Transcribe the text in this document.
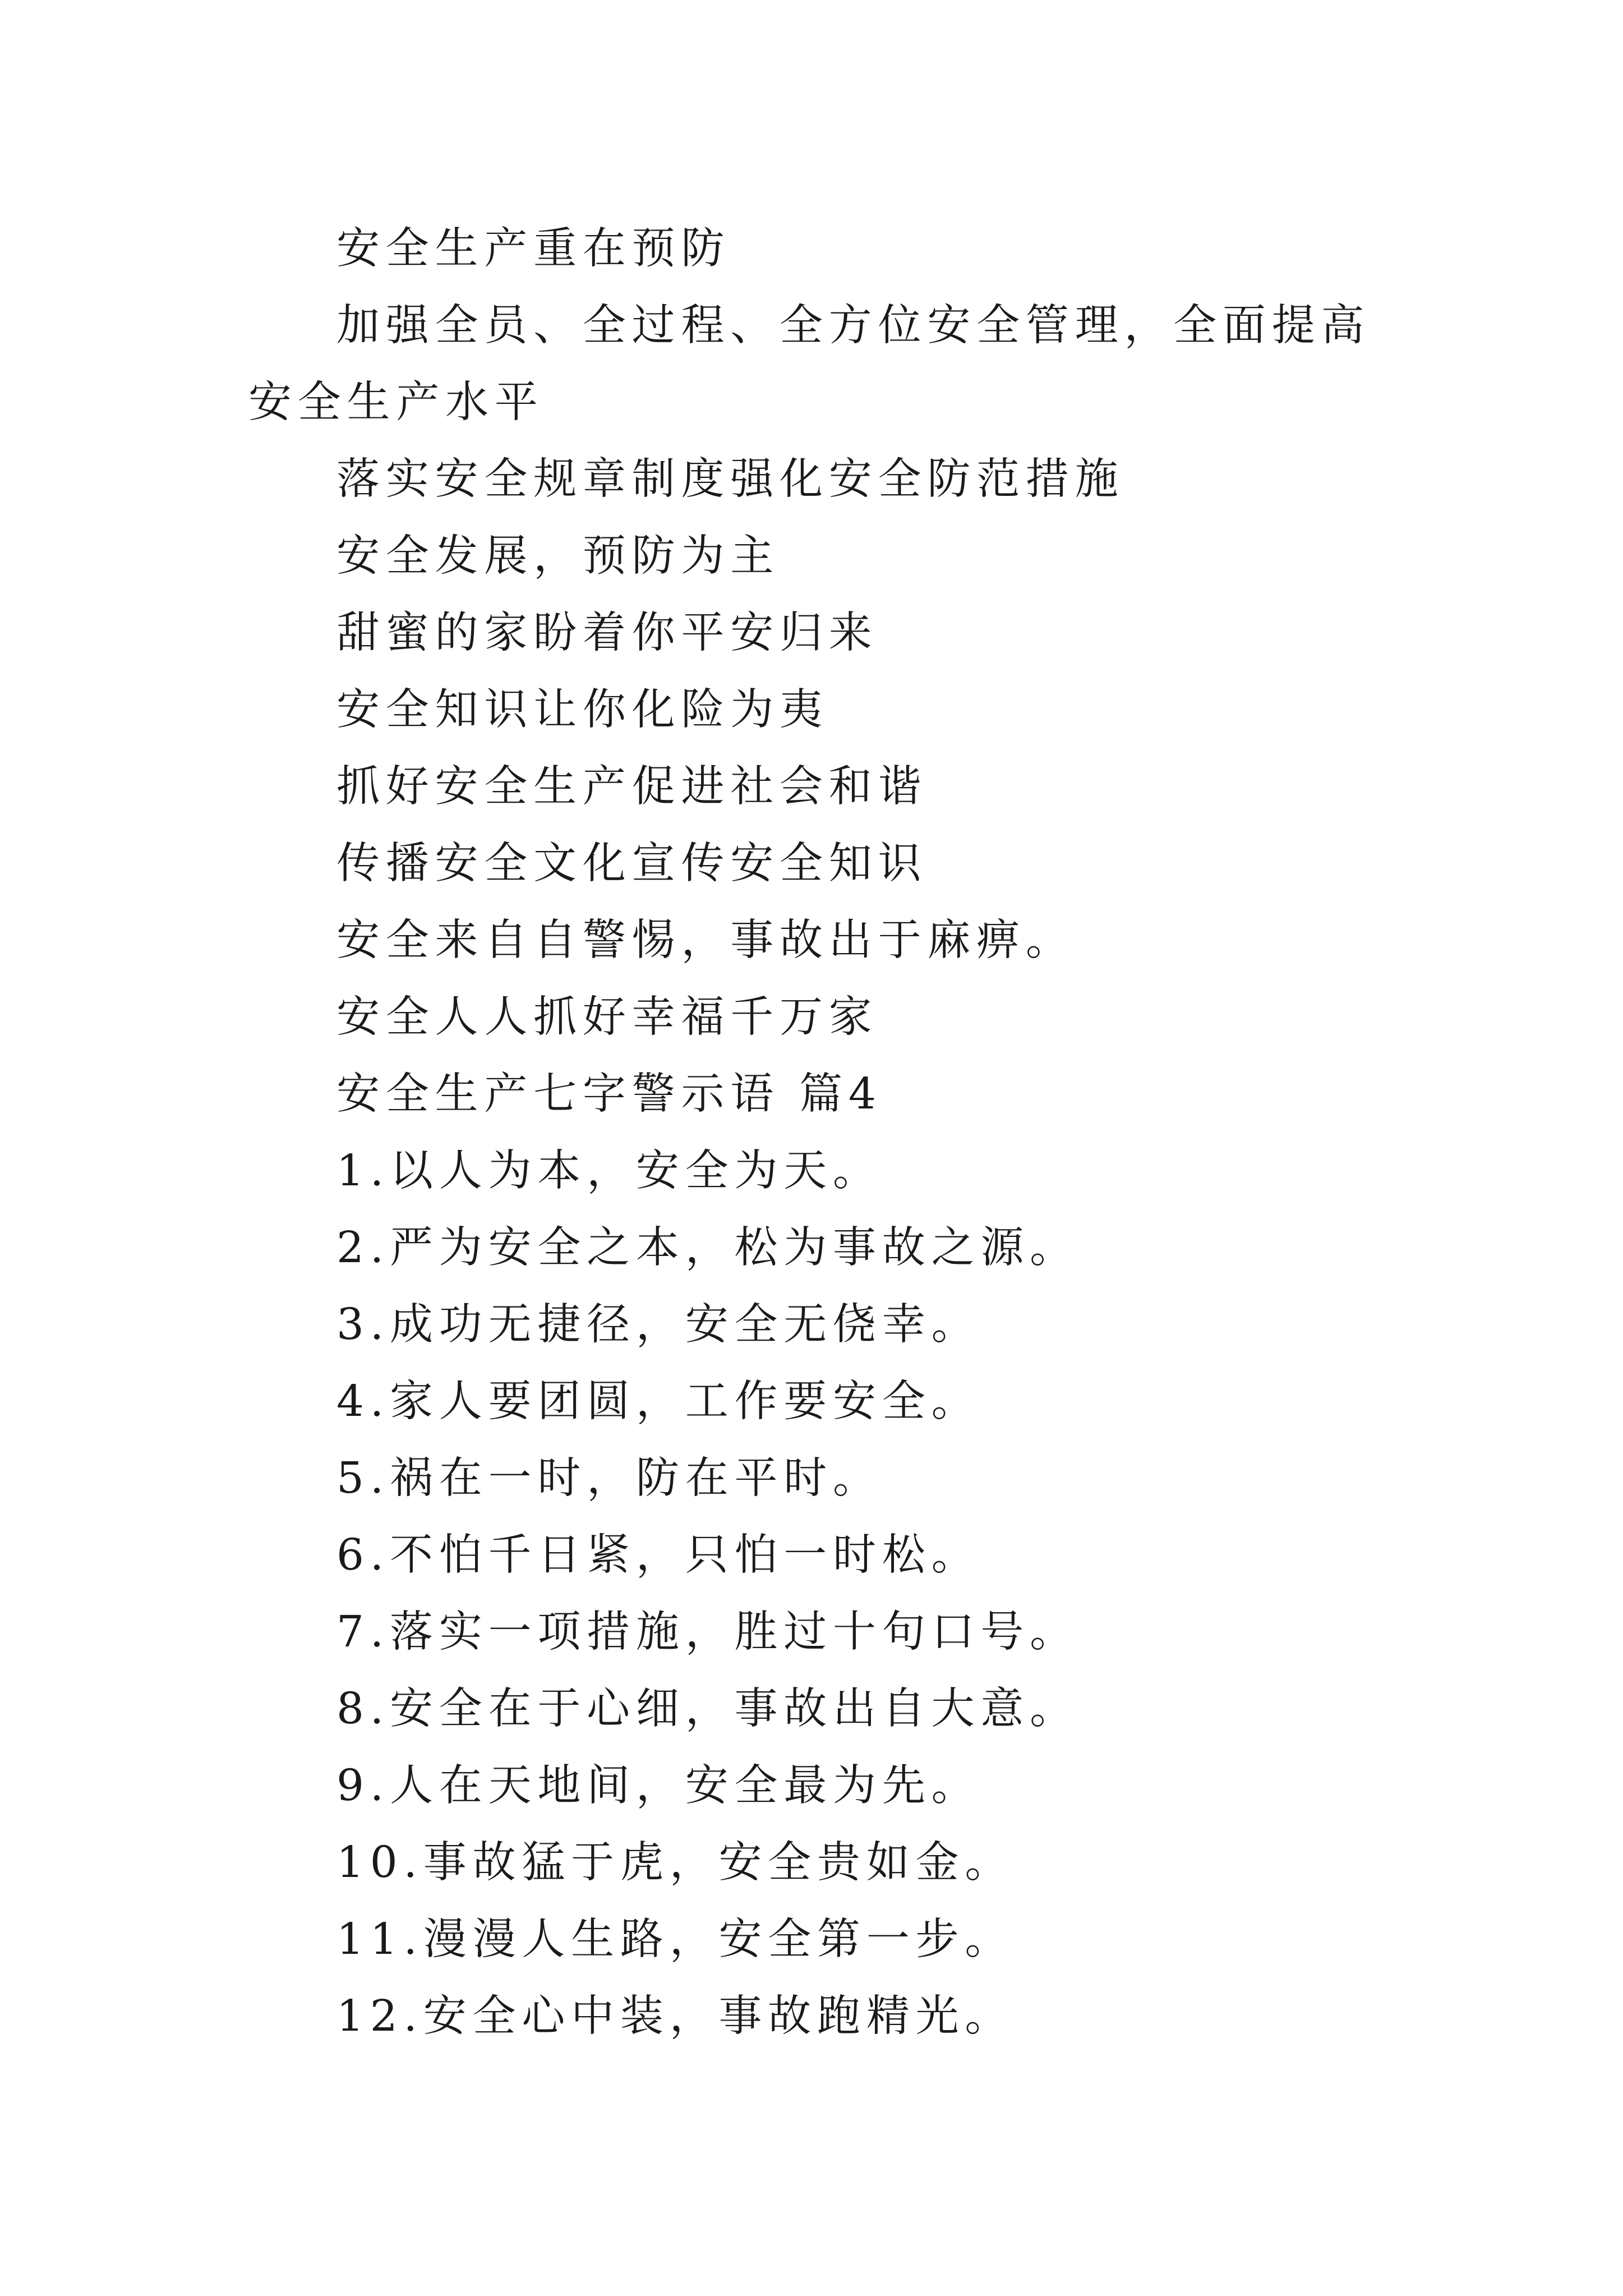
安全生产重在预防

加强全员、全过程、全方位安全管理，全面提高安全生产水平

落实安全规章制度强化安全防范措施

安全发展，预防为主

甜蜜的家盼着你平安归来

安全知识让你化险为夷

抓好安全生产促进社会和谐

传播安全文化宣传安全知识

安全来自自警惕，事故出于麻痹。

安全人人抓好幸福千万家

安全生产七字警示语 篇4

1.以人为本，安全为天。

2.严为安全之本，松为事故之源。

3.成功无捷径，安全无侥幸。

4.家人要团圆，工作要安全。

5.祸在一时，防在平时。

6.不怕千日紧，只怕一时松。

7.落实一项措施，胜过十句口号。

8.安全在于心细，事故出自大意。

9.人在天地间，安全最为先。

10.事故猛于虎，安全贵如金。

11.漫漫人生路，安全第一步。

12.安全心中装，事故跑精光。
